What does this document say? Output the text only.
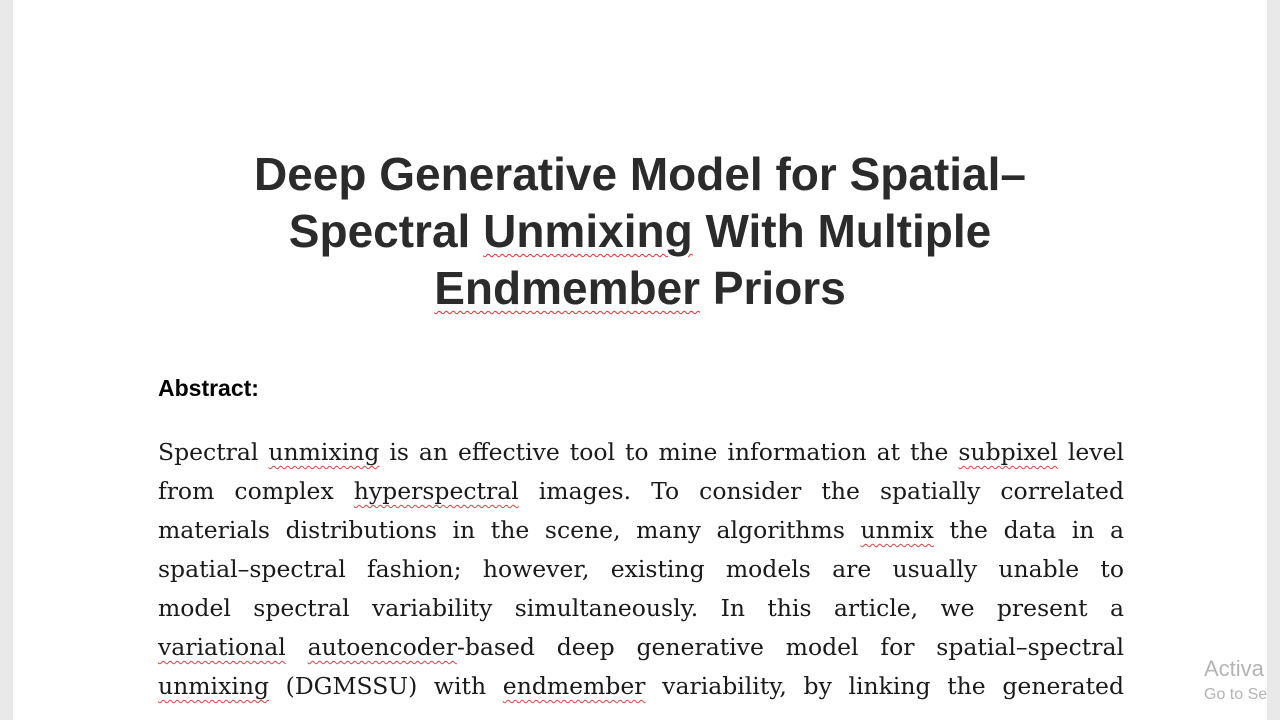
Deep Generative Model for Spatial–
Spectral Unmixing With Multiple
Endmember Priors
Abstract:
Spectral unmixing is an effective tool to mine information at the subpixel level
from complex hyperspectral images. To consider the spatially correlated
materials distributions in the scene, many algorithms unmix the data in a
spatial–spectral fashion; however, existing models are usually unable to
model spectral variability simultaneously. In this article, we present a
variational autoencoder-based deep generative model for spatial–spectral
unmixing (DGMSSU) with endmember variability, by linking the generated
Activa
Go to Se
